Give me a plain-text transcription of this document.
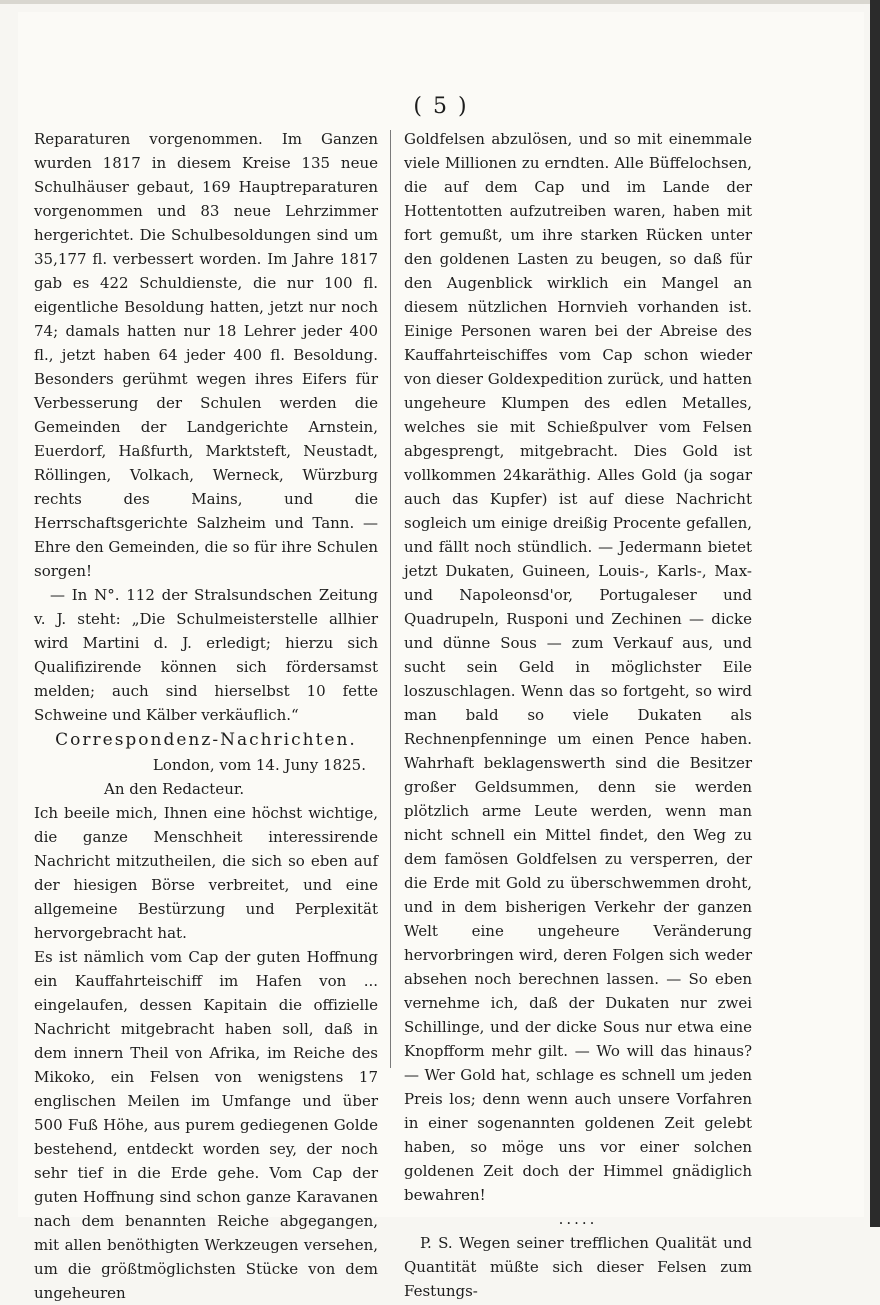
( 5 )

Reparaturen vorgenommen. Im Ganzen wurden 1817 in diesem Kreise 135 neue Schulhäuser gebaut, 169 Hauptreparaturen vorgenommen und 83 neue Lehrzimmer hergerichtet. Die Schulbesoldungen sind um 35,177 fl. verbessert worden. Im Jahre 1817 gab es 422 Schuldienste, die nur 100 fl. eigentliche Besoldung hatten, jetzt nur noch 74; damals hatten nur 18 Lehrer jeder 400 fl., jetzt haben 64 jeder 400 fl. Besoldung. Besonders gerühmt wegen ihres Eifers für Verbesserung der Schulen werden die Gemeinden der Landgerichte Arnstein, Euerdorf, Haßfurth, Marktsteft, Neustadt, Röllingen, Volkach, Werneck, Würzburg rechts des Mains, und die Herrschaftsgerichte Salzheim und Tann. — Ehre den Gemeinden, die so für ihre Schulen sorgen!

— In N°. 112 der Stralsundschen Zeitung v. J. steht: „Die Schulmeisterstelle allhier wird Martini d. J. erledigt; hierzu sich Qualifizirende können sich fördersamst melden; auch sind hierselbst 10 fette Schweine und Kälber verkäuflich.“

Correspondenz-Nachrichten.

London, vom 14. Juny 1825.

An den Redacteur.

Ich beeile mich, Ihnen eine höchst wichtige, die ganze Menschheit interessirende Nachricht mitzutheilen, die sich so eben auf der hiesigen Börse verbreitet, und eine allgemeine Bestürzung und Perplexität hervorgebracht hat.

Es ist nämlich vom Cap der guten Hoffnung ein Kauffahrteischiff im Hafen von ... eingelaufen, dessen Kapitain die offizielle Nachricht mitgebracht haben soll, daß in dem innern Theil von Afrika, im Reiche des Mikoko, ein Felsen von wenigstens 17 englischen Meilen im Umfange und über 500 Fuß Höhe, aus purem gediegenen Golde bestehend, entdeckt worden sey, der noch sehr tief in die Erde gehe. Vom Cap der guten Hoffnung sind schon ganze Karavanen nach dem benannten Reiche abgegangen, mit allen benöthigten Werkzeugen versehen, um die größtmöglichsten Stücke von dem ungeheuren

Goldfelsen abzulösen, und so mit einemmale viele Millionen zu erndten. Alle Büffelochsen, die auf dem Cap und im Lande der Hottentotten aufzutreiben waren, haben mit fort gemußt, um ihre starken Rücken unter den goldenen Lasten zu beugen, so daß für den Augenblick wirklich ein Mangel an diesem nützlichen Hornvieh vorhanden ist. Einige Personen waren bei der Abreise des Kauffahrteischiffes vom Cap schon wieder von dieser Goldexpedition zurück, und hatten ungeheure Klumpen des edlen Metalles, welches sie mit Schießpulver vom Felsen abgesprengt, mitgebracht. Dies Gold ist vollkommen 24karäthig. Alles Gold (ja sogar auch das Kupfer) ist auf diese Nachricht sogleich um einige dreißig Procente gefallen, und fällt noch stündlich. — Jedermann bietet jetzt Dukaten, Guineen, Louis-, Karls-, Max- und Napoleonsd'or, Portugaleser und Quadrupeln, Rusponi und Zechinen — dicke und dünne Sous — zum Verkauf aus, und sucht sein Geld in möglichster Eile loszuschlagen. Wenn das so fortgeht, so wird man bald so viele Dukaten als Rechnenpfenninge um einen Pence haben. Wahrhaft beklagenswerth sind die Besitzer großer Geldsummen, denn sie werden plötzlich arme Leute werden, wenn man nicht schnell ein Mittel findet, den Weg zu dem famösen Goldfelsen zu versperren, der die Erde mit Gold zu überschwemmen droht, und in dem bisherigen Verkehr der ganzen Welt eine ungeheure Veränderung hervorbringen wird, deren Folgen sich weder absehen noch berechnen lassen. — So eben vernehme ich, daß der Dukaten nur zwei Schillinge, und der dicke Sous nur etwa eine Knopfform mehr gilt. — Wo will das hinaus? — Wer Gold hat, schlage es schnell um jeden Preis los; denn wenn auch unsere Vorfahren in einer sogenannten goldenen Zeit gelebt haben, so möge uns vor einer solchen goldenen Zeit doch der Himmel gnädiglich bewahren!

.....

P. S. Wegen seiner trefflichen Qualität und Quantität müßte sich dieser Felsen zum Festungs-
